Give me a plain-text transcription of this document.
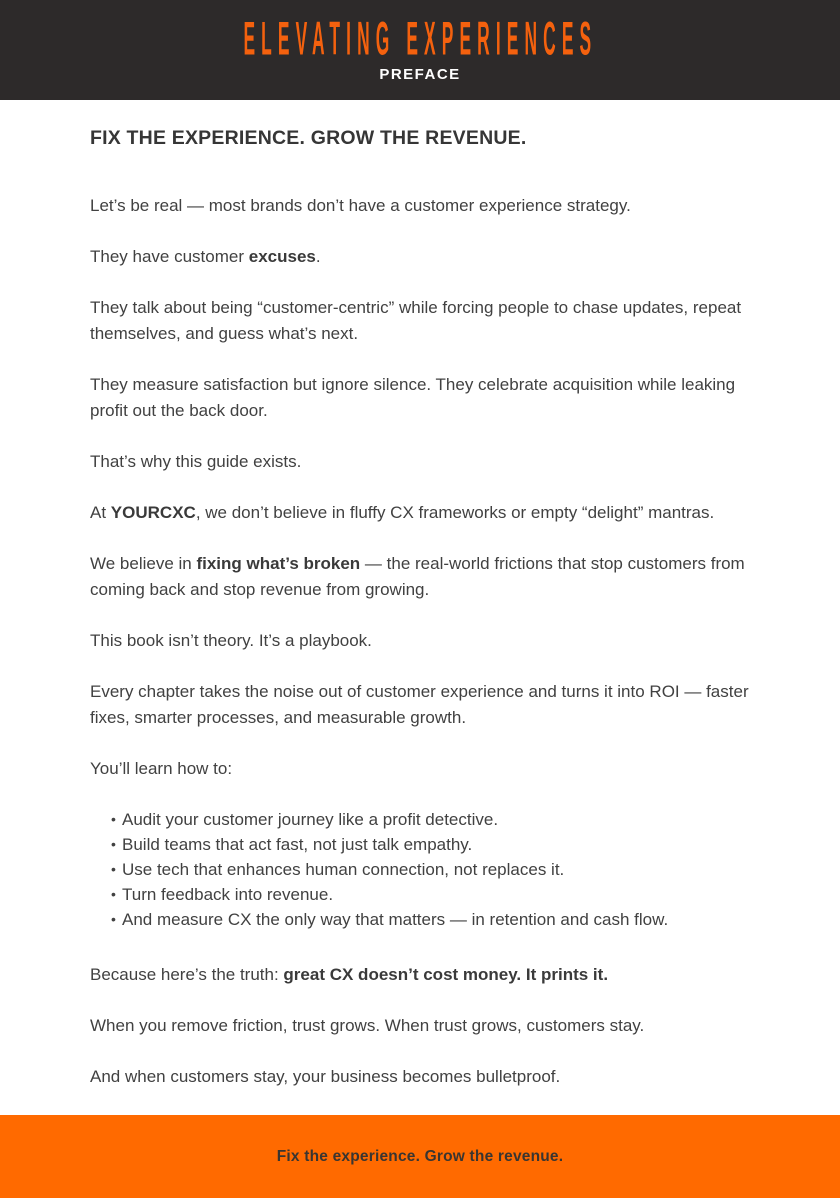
ELEVATING EXPERIENCES
PREFACE
FIX THE EXPERIENCE. GROW THE REVENUE.

Let’s be real — most brands don’t have a customer experience strategy.

They have customer excuses.

They talk about being “customer-centric” while forcing people to chase updates, repeat themselves, and guess what’s next.

They measure satisfaction but ignore silence. They celebrate acquisition while leaking profit out the back door.

That’s why this guide exists.

At YOURCXC, we don’t believe in fluffy CX frameworks or empty “delight” mantras.

We believe in fixing what’s broken — the real-world frictions that stop customers from coming back and stop revenue from growing.

This book isn’t theory. It’s a playbook.

Every chapter takes the noise out of customer experience and turns it into ROI — faster fixes, smarter processes, and measurable growth.

You’ll learn how to:

• Audit your customer journey like a profit detective.
• Build teams that act fast, not just talk empathy.
• Use tech that enhances human connection, not replaces it.
• Turn feedback into revenue.
• And measure CX the only way that matters — in retention and cash flow.

Because here’s the truth: great CX doesn’t cost money. It prints it.

When you remove friction, trust grows. When trust grows, customers stay.

And when customers stay, your business becomes bulletproof.

Fix the experience. Grow the revenue.
